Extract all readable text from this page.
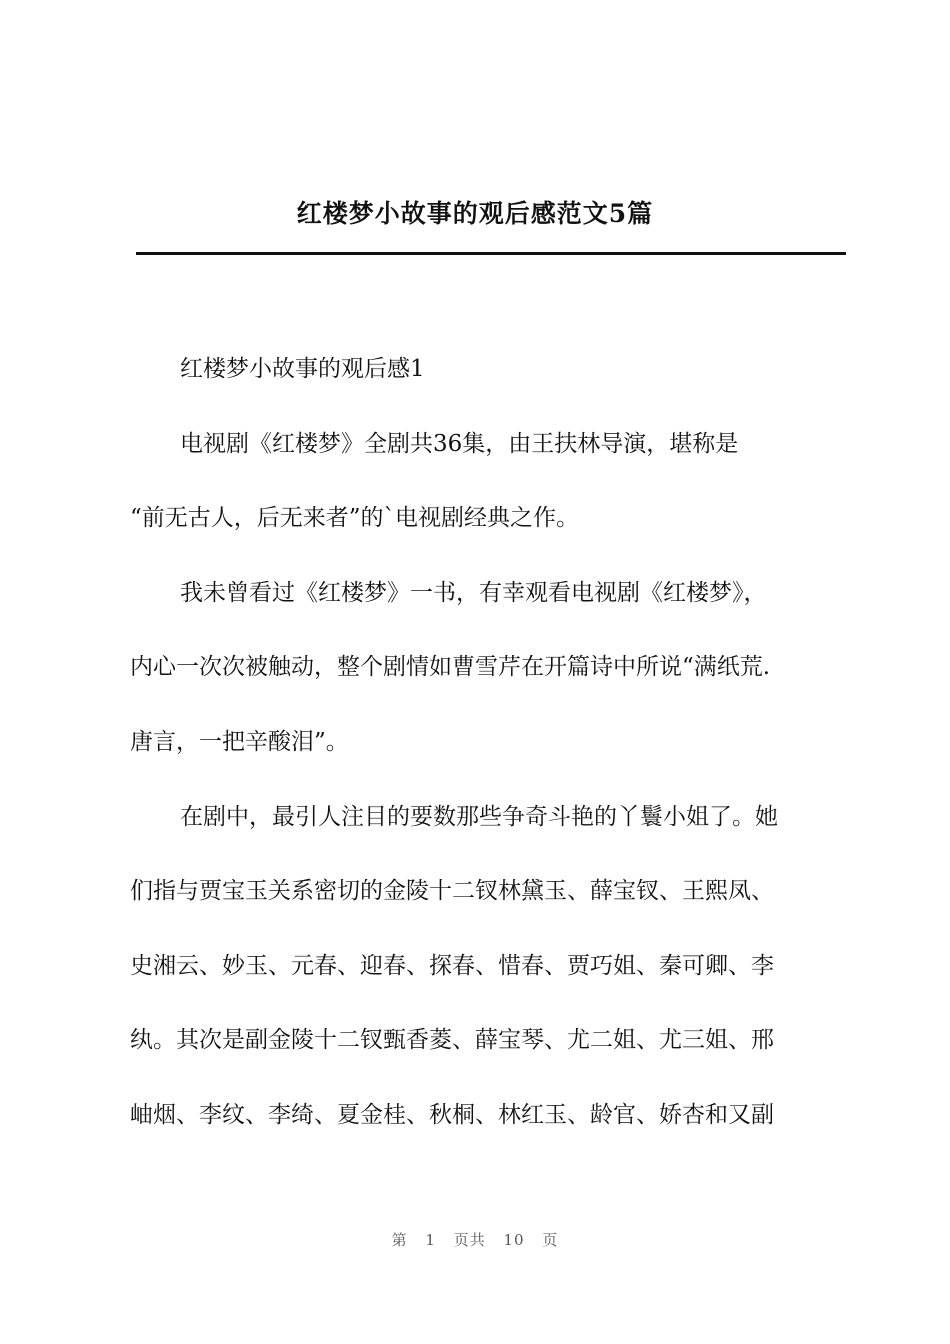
红楼梦小故事的观后感范文5篇
红楼梦小故事的观后感1
电视剧《红楼梦》全剧共36集，由王扶林导演，堪称是
“前无古人，后无来者”的`电视剧经典之作。
我未曾看过《红楼梦》一书，有幸观看电视剧《红楼梦》，
内心一次次被触动，整个剧情如曹雪芹在开篇诗中所说“满纸荒.
唐言，一把辛酸泪”。
在剧中，最引人注目的要数那些争奇斗艳的丫鬟小姐了。她
们指与贾宝玉关系密切的金陵十二钗林黛玉、薛宝钗、王熙凤、
史湘云、妙玉、元春、迎春、探春、惜春、贾巧姐、秦可卿、李
纨。其次是副金陵十二钗甄香菱、薛宝琴、尤二姐、尤三姐、邢
岫烟、李纹、李绮、夏金桂、秋桐、林红玉、龄官、娇杏和又副
第 1 页共 10 页
